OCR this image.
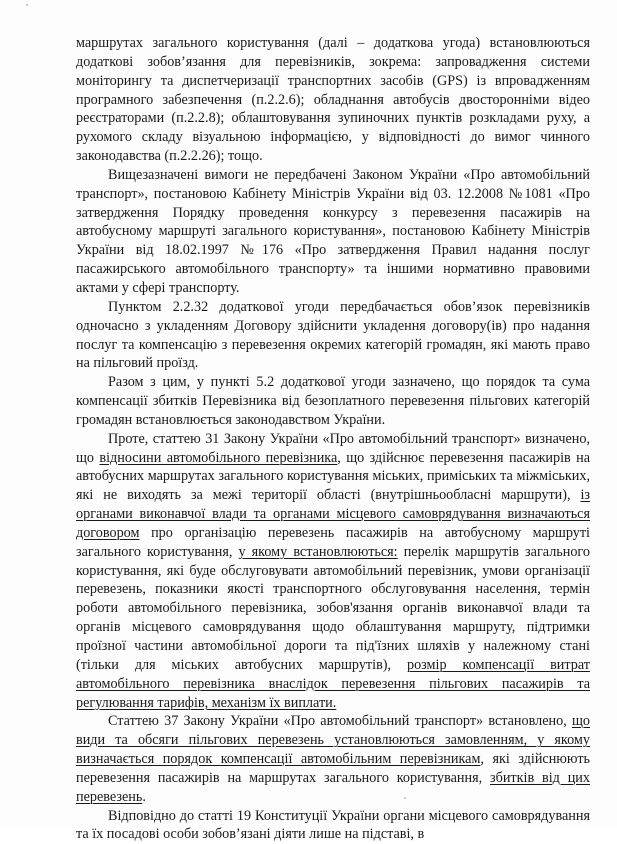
маршрутах загального користування (далі – додаткова угода) встановлюються додаткові зобов’язання для перевізників, зокрема: запровадження системи моніторингу та диспетчеризації транспортних засобів (GPS) із впровадженням програмного забезпечення (п.2.2.6); обладнання автобусів двосторонніми відео реєстраторами (п.2.2.8); облаштовування зупиночних пунктів розкладами руху, а рухомого складу візуальною інформацією, у відповідності до вимог чинного законодавства (п.2.2.26); тощо.

Вищезазначені вимоги не передбачені Законом України «Про автомобільний транспорт», постановою Кабінету Міністрів України від 03. 12.2008 №1081 «Про затвердження Порядку проведення конкурсу з перевезення пасажирів на автобусному маршруті загального користування», постановою Кабінету Міністрів України від 18.02.1997 №176 «Про затвердження Правил надання послуг пасажирського автомобільного транспорту» та іншими нормативно правовими актами у сфері транспорту.

Пунктом 2.2.32 додаткової угоди передбачається обов’язок перевізників одночасно з укладенням Договору здійснити укладення договору(ів) про надання послуг та компенсацію з перевезення окремих категорій громадян, які мають право на пільговий проїзд.

Разом з цим, у пункті 5.2 додаткової угоди зазначено, що порядок та сума компенсації збитків Перевізника від безоплатного перевезення пільгових категорій громадян встановлюється законодавством України.

Проте, статтею 31 Закону України «Про автомобільний транспорт» визначено, що відносини автомобільного перевізника, що здійснює перевезення пасажирів на автобусних маршрутах загального користування міських, приміських та міжміських, які не виходять за межі території області (внутрішньообласні маршрути), із органами виконавчої влади та органами місцевого самоврядування визначаються договором про організацію перевезень пасажирів на автобусному маршруті загального користування, у якому встановлюються: перелік маршрутів загального користування, які буде обслуговувати автомобільний перевізник, умови організації перевезень, показники якості транспортного обслуговування населення, термін роботи автомобільного перевізника, зобов'язання органів виконавчої влади та органів місцевого самоврядування щодо облаштування маршруту, підтримки проїзної частини автомобільної дороги та під'їзних шляхів у належному стані (тільки для міських автобусних маршрутів), розмір компенсації витрат автомобільного перевізника внаслідок перевезення пільгових пасажирів та регулювання тарифів, механізм їх виплати.

Статтею 37 Закону України «Про автомобільний транспорт» встановлено, що види та обсяги пільгових перевезень установлюються замовленням, у якому визначається порядок компенсації автомобільним перевізникам, які здійснюють перевезення пасажирів на маршрутах загального користування, збитків від цих перевезень.

Відповідно до статті 19 Конституції України органи місцевого самоврядування та їх посадові особи зобов’язані діяти лише на підставі, в
